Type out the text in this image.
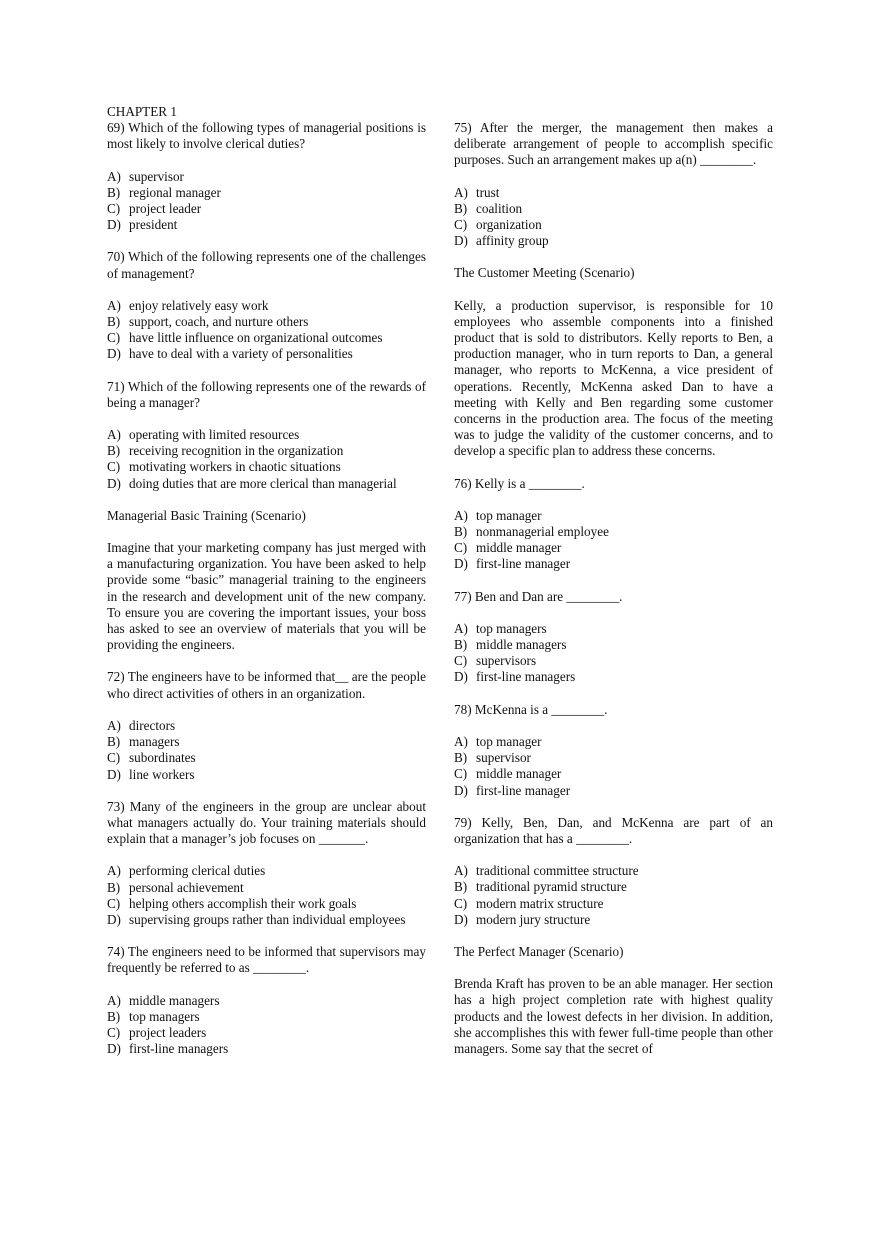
CHAPTER 1

69) Which of the following types of managerial positions is most likely to involve clerical duties?

A) supervisor
B) regional manager
C) project leader
D) president

70) Which of the following represents one of the challenges of management?

A) enjoy relatively easy work
B) support, coach, and nurture others
C) have little influence on organizational outcomes
D) have to deal with a variety of personalities

71) Which of the following represents one of the rewards of being a manager?

A) operating with limited resources
B) receiving recognition in the organization
C) motivating workers in chaotic situations
D) doing duties that are more clerical than managerial

Managerial Basic Training (Scenario)

Imagine that your marketing company has just merged with a manufacturing organization. You have been asked to help provide some “basic” managerial training to the engineers in the research and development unit of the new company. To ensure you are covering the important issues, your boss has asked to see an overview of materials that you will be providing the engineers.

72) The engineers have to be informed that__ are the people who direct activities of others in an organization.

A) directors
B) managers
C) subordinates
D) line workers

73) Many of the engineers in the group are unclear about what managers actually do. Your training materials should explain that a manager’s job focuses on _______.

A) performing clerical duties
B) personal achievement
C) helping others accomplish their work goals
D) supervising groups rather than individual employees

74) The engineers need to be informed that supervisors may frequently be referred to as ________.

A) middle managers
B) top managers
C) project leaders
D) first-line managers

75) After the merger, the management then makes a deliberate arrangement of people to accomplish specific purposes. Such an arrangement makes up a(n) ________.

A) trust
B) coalition
C) organization
D) affinity group

The Customer Meeting (Scenario)

Kelly, a production supervisor, is responsible for 10 employees who assemble components into a finished product that is sold to distributors. Kelly reports to Ben, a production manager, who in turn reports to Dan, a general manager, who reports to McKenna, a vice president of operations. Recently, McKenna asked Dan to have a meeting with Kelly and Ben regarding some customer concerns in the production area. The focus of the meeting was to judge the validity of the customer concerns, and to develop a specific plan to address these concerns.

76) Kelly is a ________.

A) top manager
B) nonmanagerial employee
C) middle manager
D) first-line manager

77) Ben and Dan are ________.

A) top managers
B) middle managers
C) supervisors
D) first-line managers

78) McKenna is a ________.

A) top manager
B) supervisor
C) middle manager
D) first-line manager

79) Kelly, Ben, Dan, and McKenna are part of an organization that has a ________.

A) traditional committee structure
B) traditional pyramid structure
C) modern matrix structure
D) modern jury structure

The Perfect Manager (Scenario)

Brenda Kraft has proven to be an able manager. Her section has a high project completion rate with highest quality products and the lowest defects in her division. In addition, she accomplishes this with fewer full-time people than other managers. Some say that the secret of
